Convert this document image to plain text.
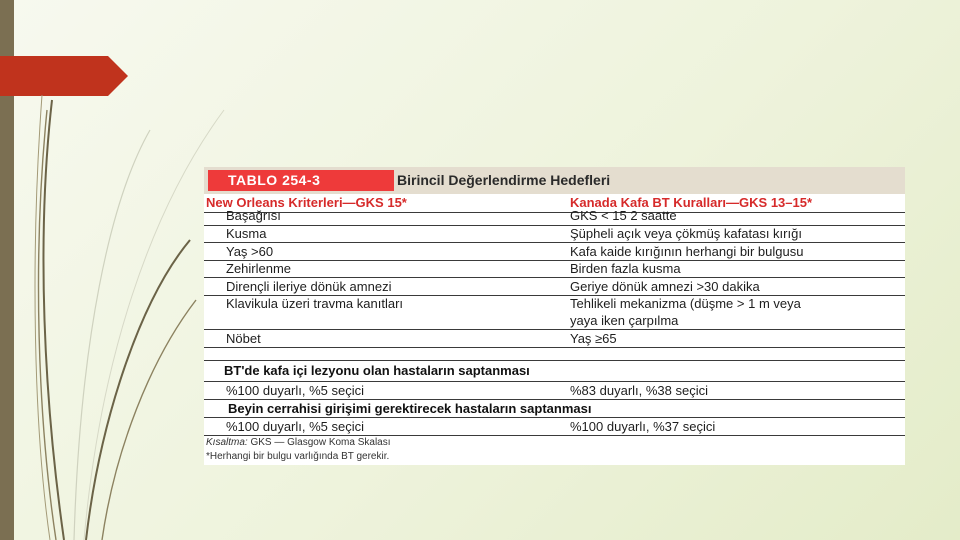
TABLO 254-3	Birincil Değerlendirme Hedefleri
New Orleans Kriterleri—GKS 15*	Kanada Kafa BT Kuralları—GKS 13–15*
Başağrısı	GKS < 15 2 saatte
Kusma	Şüpheli açık veya çökmüş kafatası kırığı
Yaş >60	Kafa kaide kırığının herhangi bir bulgusu
Zehirlenme	Birden fazla kusma
Dirençli ileriye dönük amnezi	Geriye dönük amnezi >30 dakika
Klavikula üzeri travma kanıtları	Tehlikeli mekanizma (düşme > 1 m veya
yaya iken çarpılma
Nöbet	Yaş ≥65
BT'de kafa içi lezyonu olan hastaların saptanması
%100 duyarlı, %5 seçici	%83 duyarlı, %38 seçici
Beyin cerrahisi girişimi gerektirecek hastaların saptanması
%100 duyarlı, %5 seçici	%100 duyarlı, %37 seçici
Kısaltma: GKS — Glasgow Koma Skalası
*Herhangi bir bulgu varlığında BT gerekir.
